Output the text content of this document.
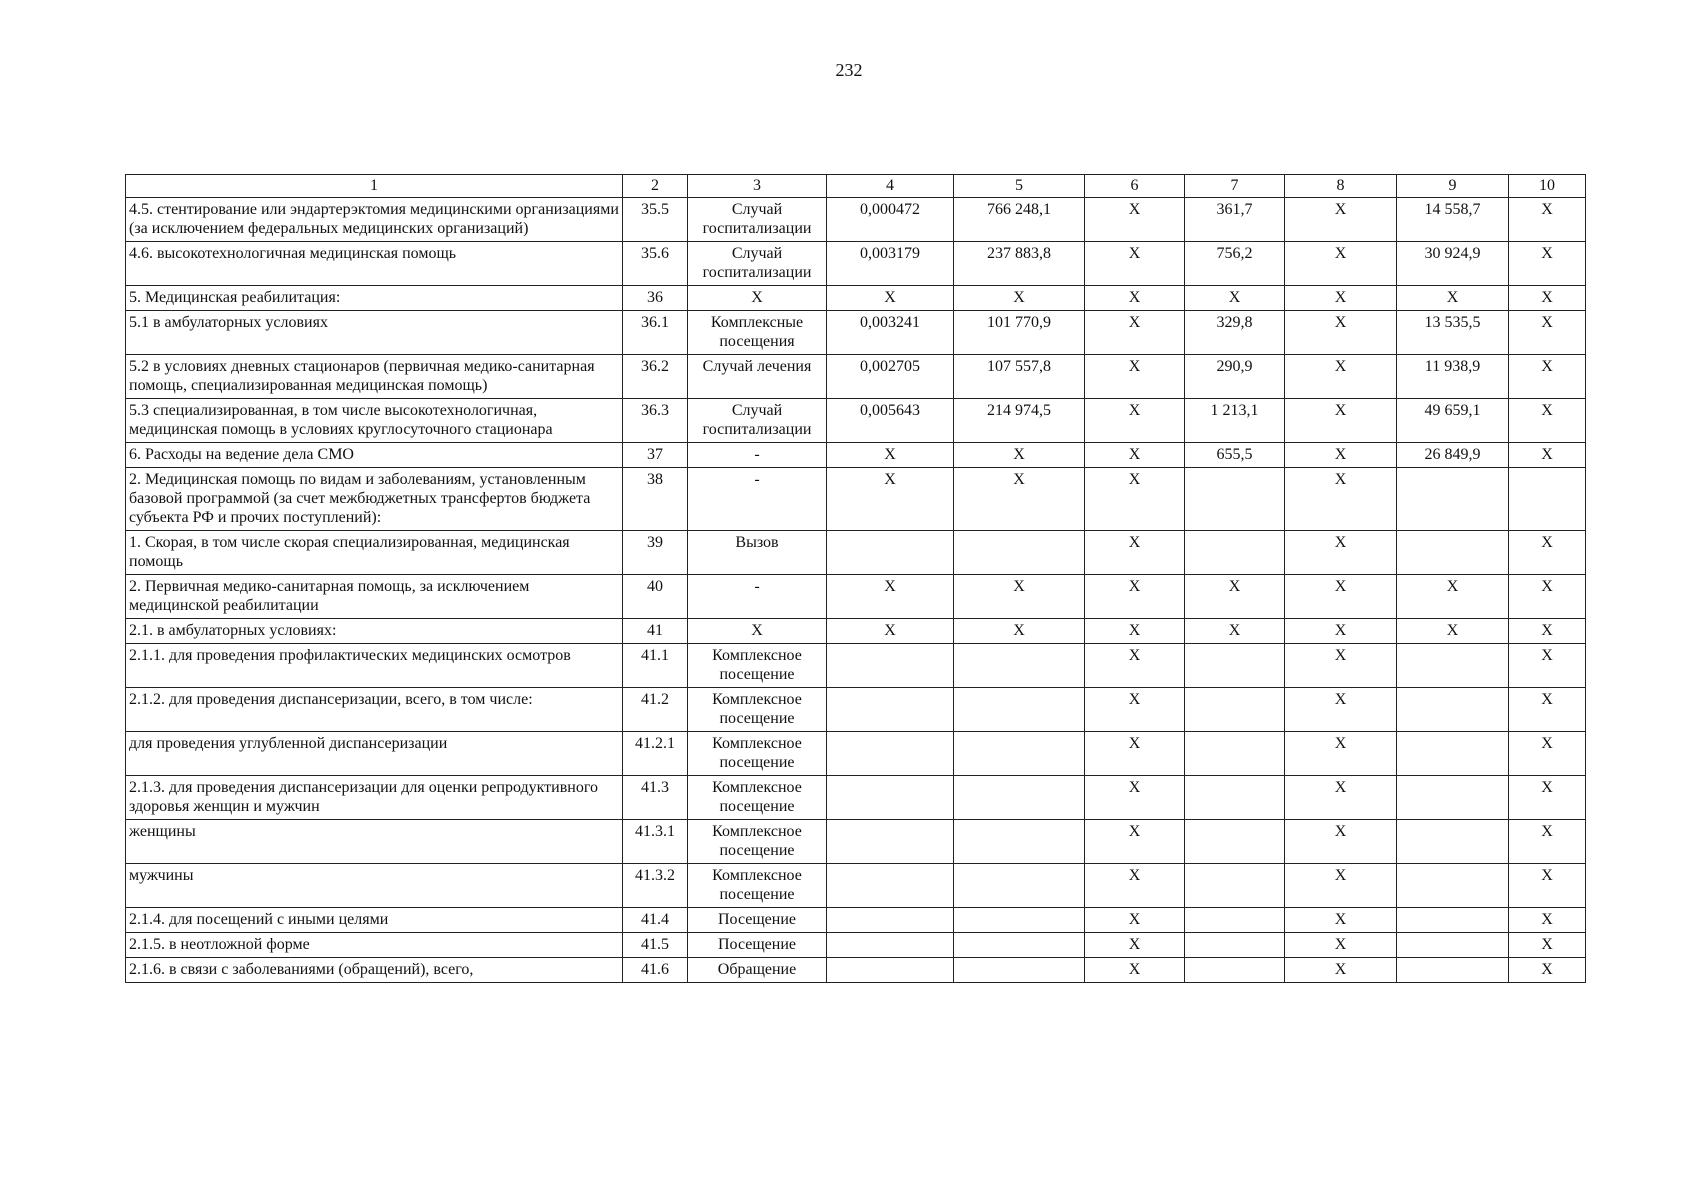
232
1	2	3	4	5	6	7	8	9	10
4.5. стентирование или эндартерэктомия медицинскими организациями (за исключением федеральных медицинских организаций)	35.5	Случай госпитализации	0,000472	766 248,1	X	361,7	X	14 558,7	X
4.6. высокотехнологичная медицинская помощь	35.6	Случай госпитализации	0,003179	237 883,8	X	756,2	X	30 924,9	X
5. Медицинская реабилитация:	36	X	X	X	X	X	X	X	X
5.1 в амбулаторных условиях	36.1	Комплексные посещения	0,003241	101 770,9	X	329,8	X	13 535,5	X
5.2 в условиях дневных стационаров (первичная медико-санитарная помощь, специализированная медицинская помощь)	36.2	Случай лечения	0,002705	107 557,8	X	290,9	X	11 938,9	X
5.3 специализированная, в том числе высокотехнологичная, медицинская помощь в условиях круглосуточного стационара	36.3	Случай госпитализации	0,005643	214 974,5	X	1 213,1	X	49 659,1	X
6. Расходы на ведение дела СМО	37	-	X	X	X	655,5	X	26 849,9	X
2. Медицинская помощь по видам и заболеваниям, установленным базовой программой (за счет межбюджетных трансфертов бюджета субъекта РФ и прочих поступлений):	38	-	X	X	X		X		
1. Скорая, в том числе скорая специализированная, медицинская помощь	39	Вызов			X		X		X
2. Первичная медико-санитарная помощь, за исключением медицинской реабилитации	40	-	X	X	X	X	X	X	X
2.1. в амбулаторных условиях:	41	X	X	X	X	X	X	X	X
2.1.1. для проведения профилактических медицинских осмотров	41.1	Комплексное посещение			X		X		X
2.1.2. для проведения диспансеризации, всего, в том числе:	41.2	Комплексное посещение			X		X		X
для проведения углубленной диспансеризации	41.2.1	Комплексное посещение			X		X		X
2.1.3. для проведения диспансеризации для оценки репродуктивного здоровья женщин и мужчин	41.3	Комплексное посещение			X		X		X
женщины	41.3.1	Комплексное посещение			X		X		X
мужчины	41.3.2	Комплексное посещение			X		X		X
2.1.4. для посещений с иными целями	41.4	Посещение			X		X		X
2.1.5. в неотложной форме	41.5	Посещение			X		X		X
2.1.6. в связи с заболеваниями (обращений), всего,	41.6	Обращение			X		X		X
